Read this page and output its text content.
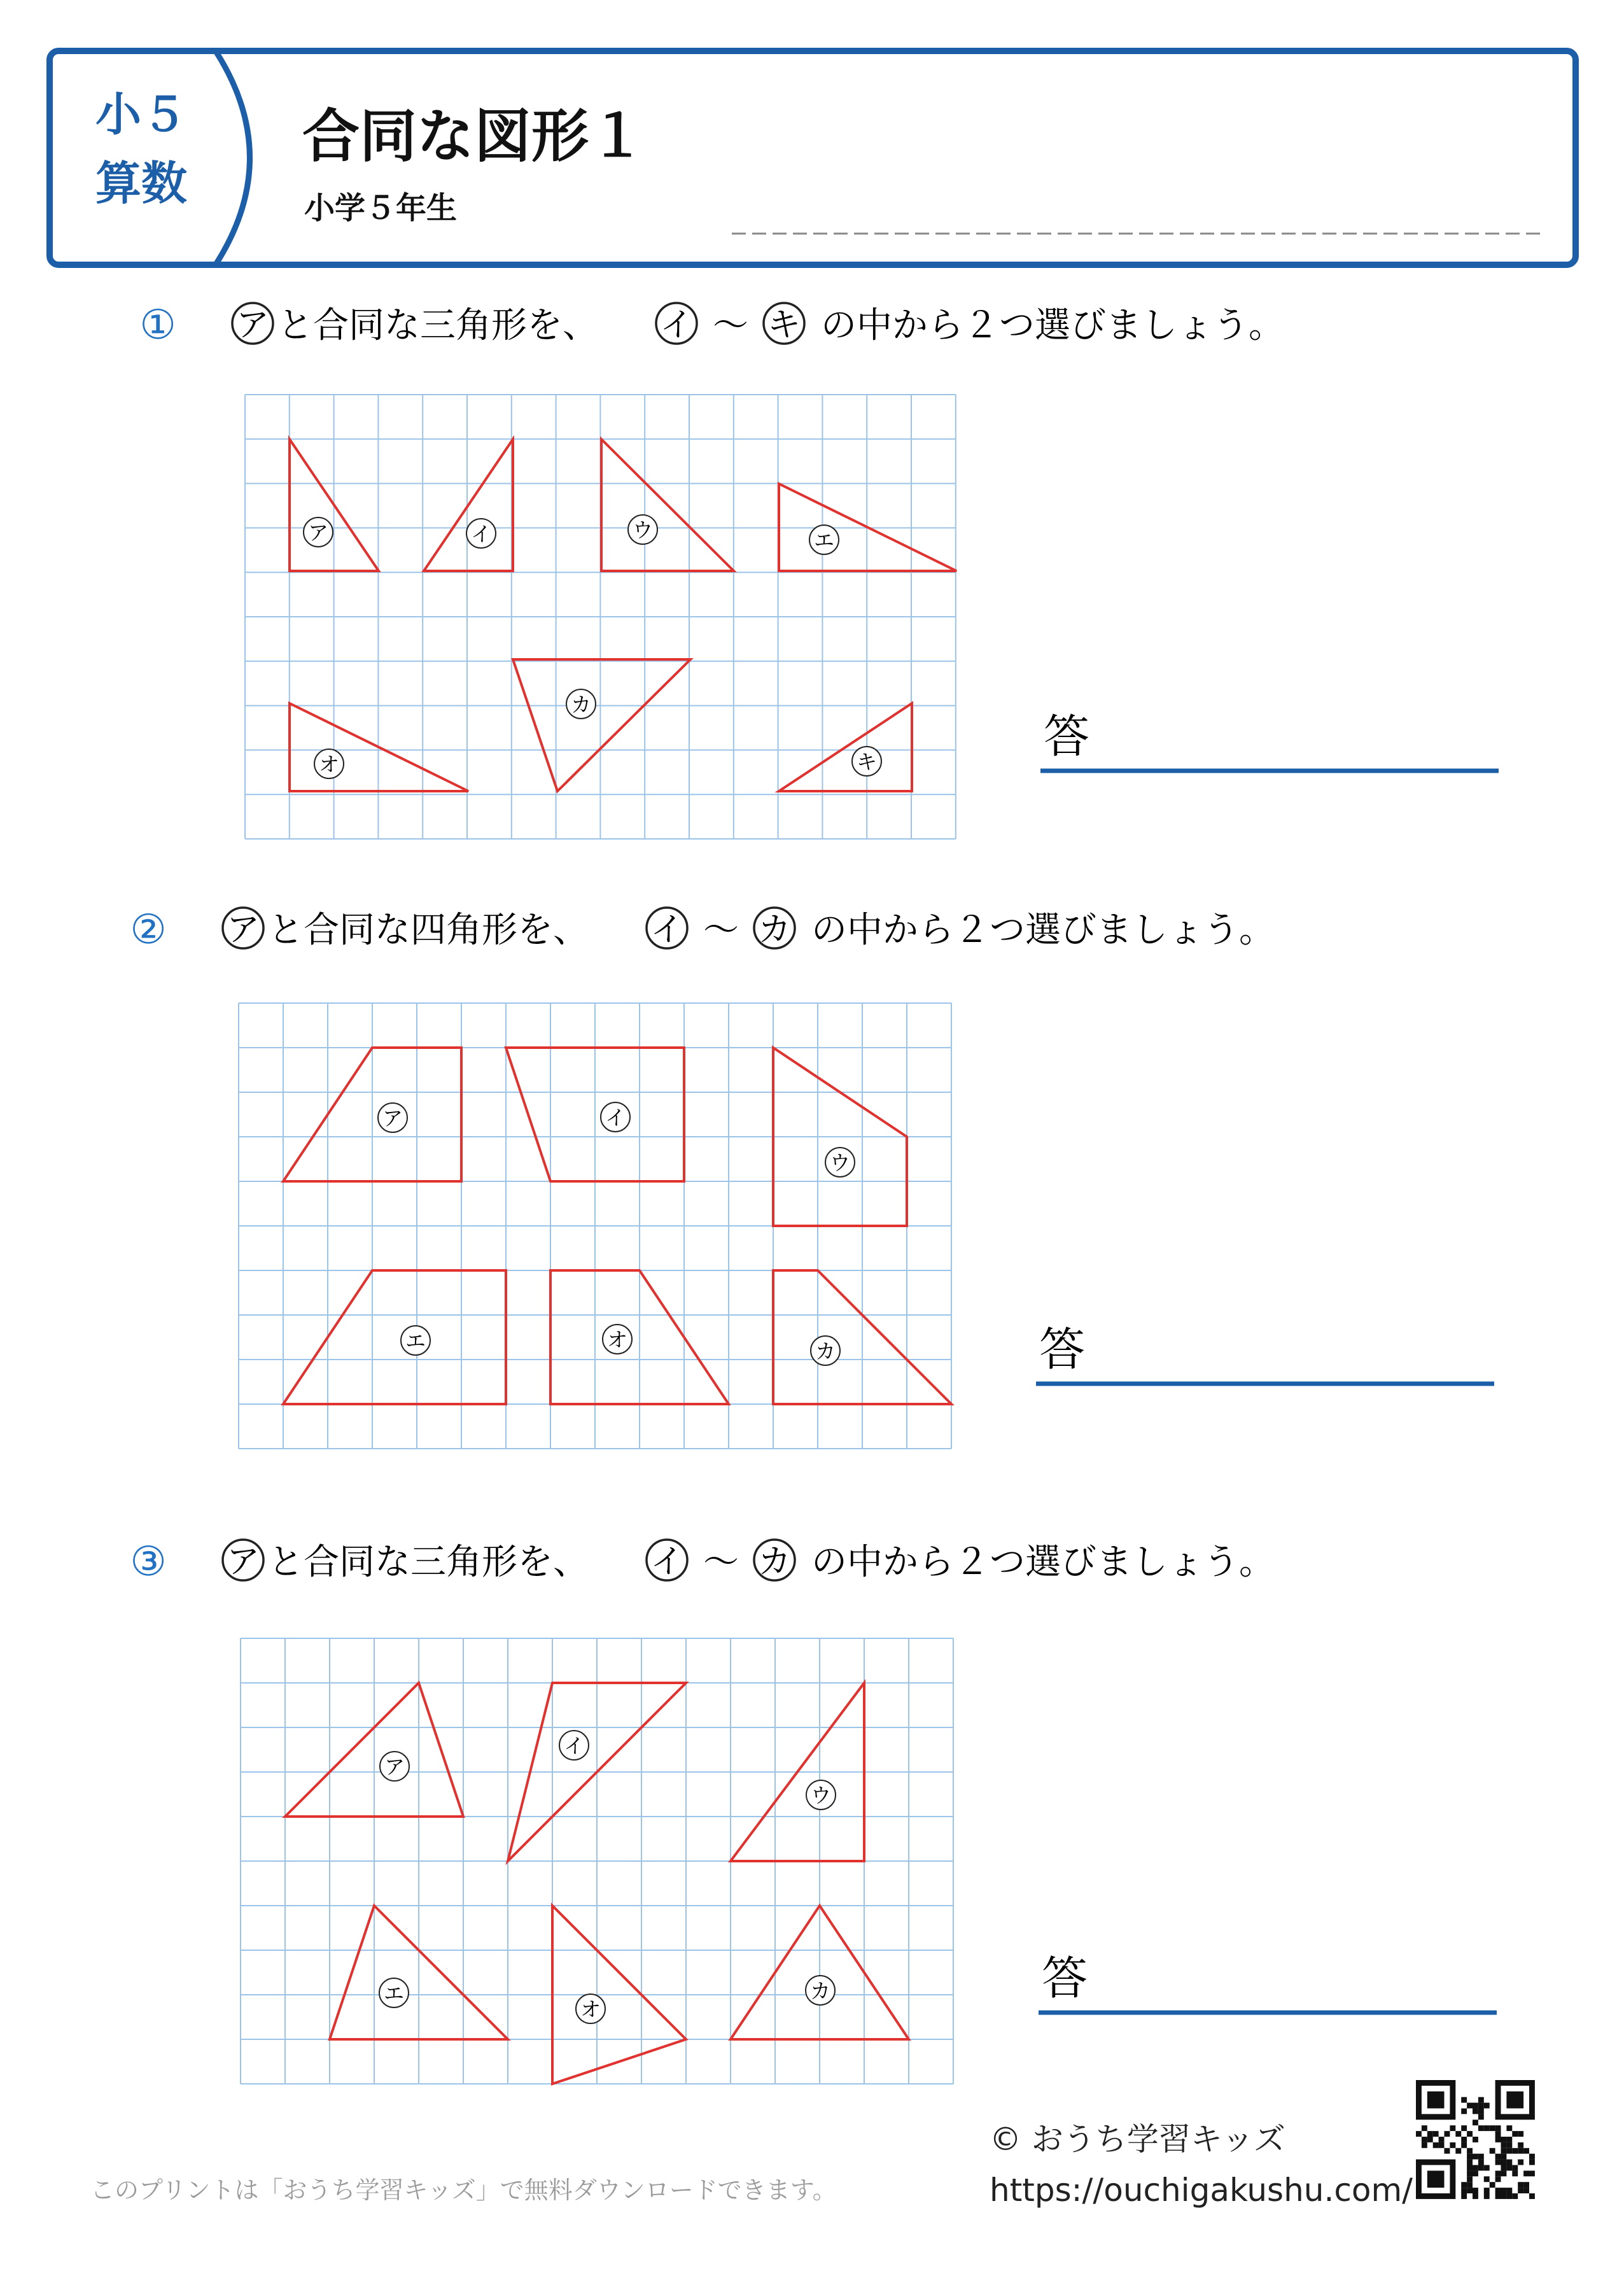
小５
算数
合同な図形１
小学５年生
① ア と合同な三角形を、 イ ～ キ の中から２つ選びましょう。
ア	イ	ウ	エ
オ
カ
キ	答
② ア と合同な四角形を、 イ ～ カ の中から２つ選びましょう。
ア	イ
ウ
エ	オ	カ	答
③ ア と合同な三角形を、 イ ～ カ の中から２つ選びましょう。
ア
イ
ウ
エ
オ
カ	答
© おうち学習キッズ
https://ouchigakushu.com/
このプリントは「おうち学習キッズ」で無料ダウンロードできます。
